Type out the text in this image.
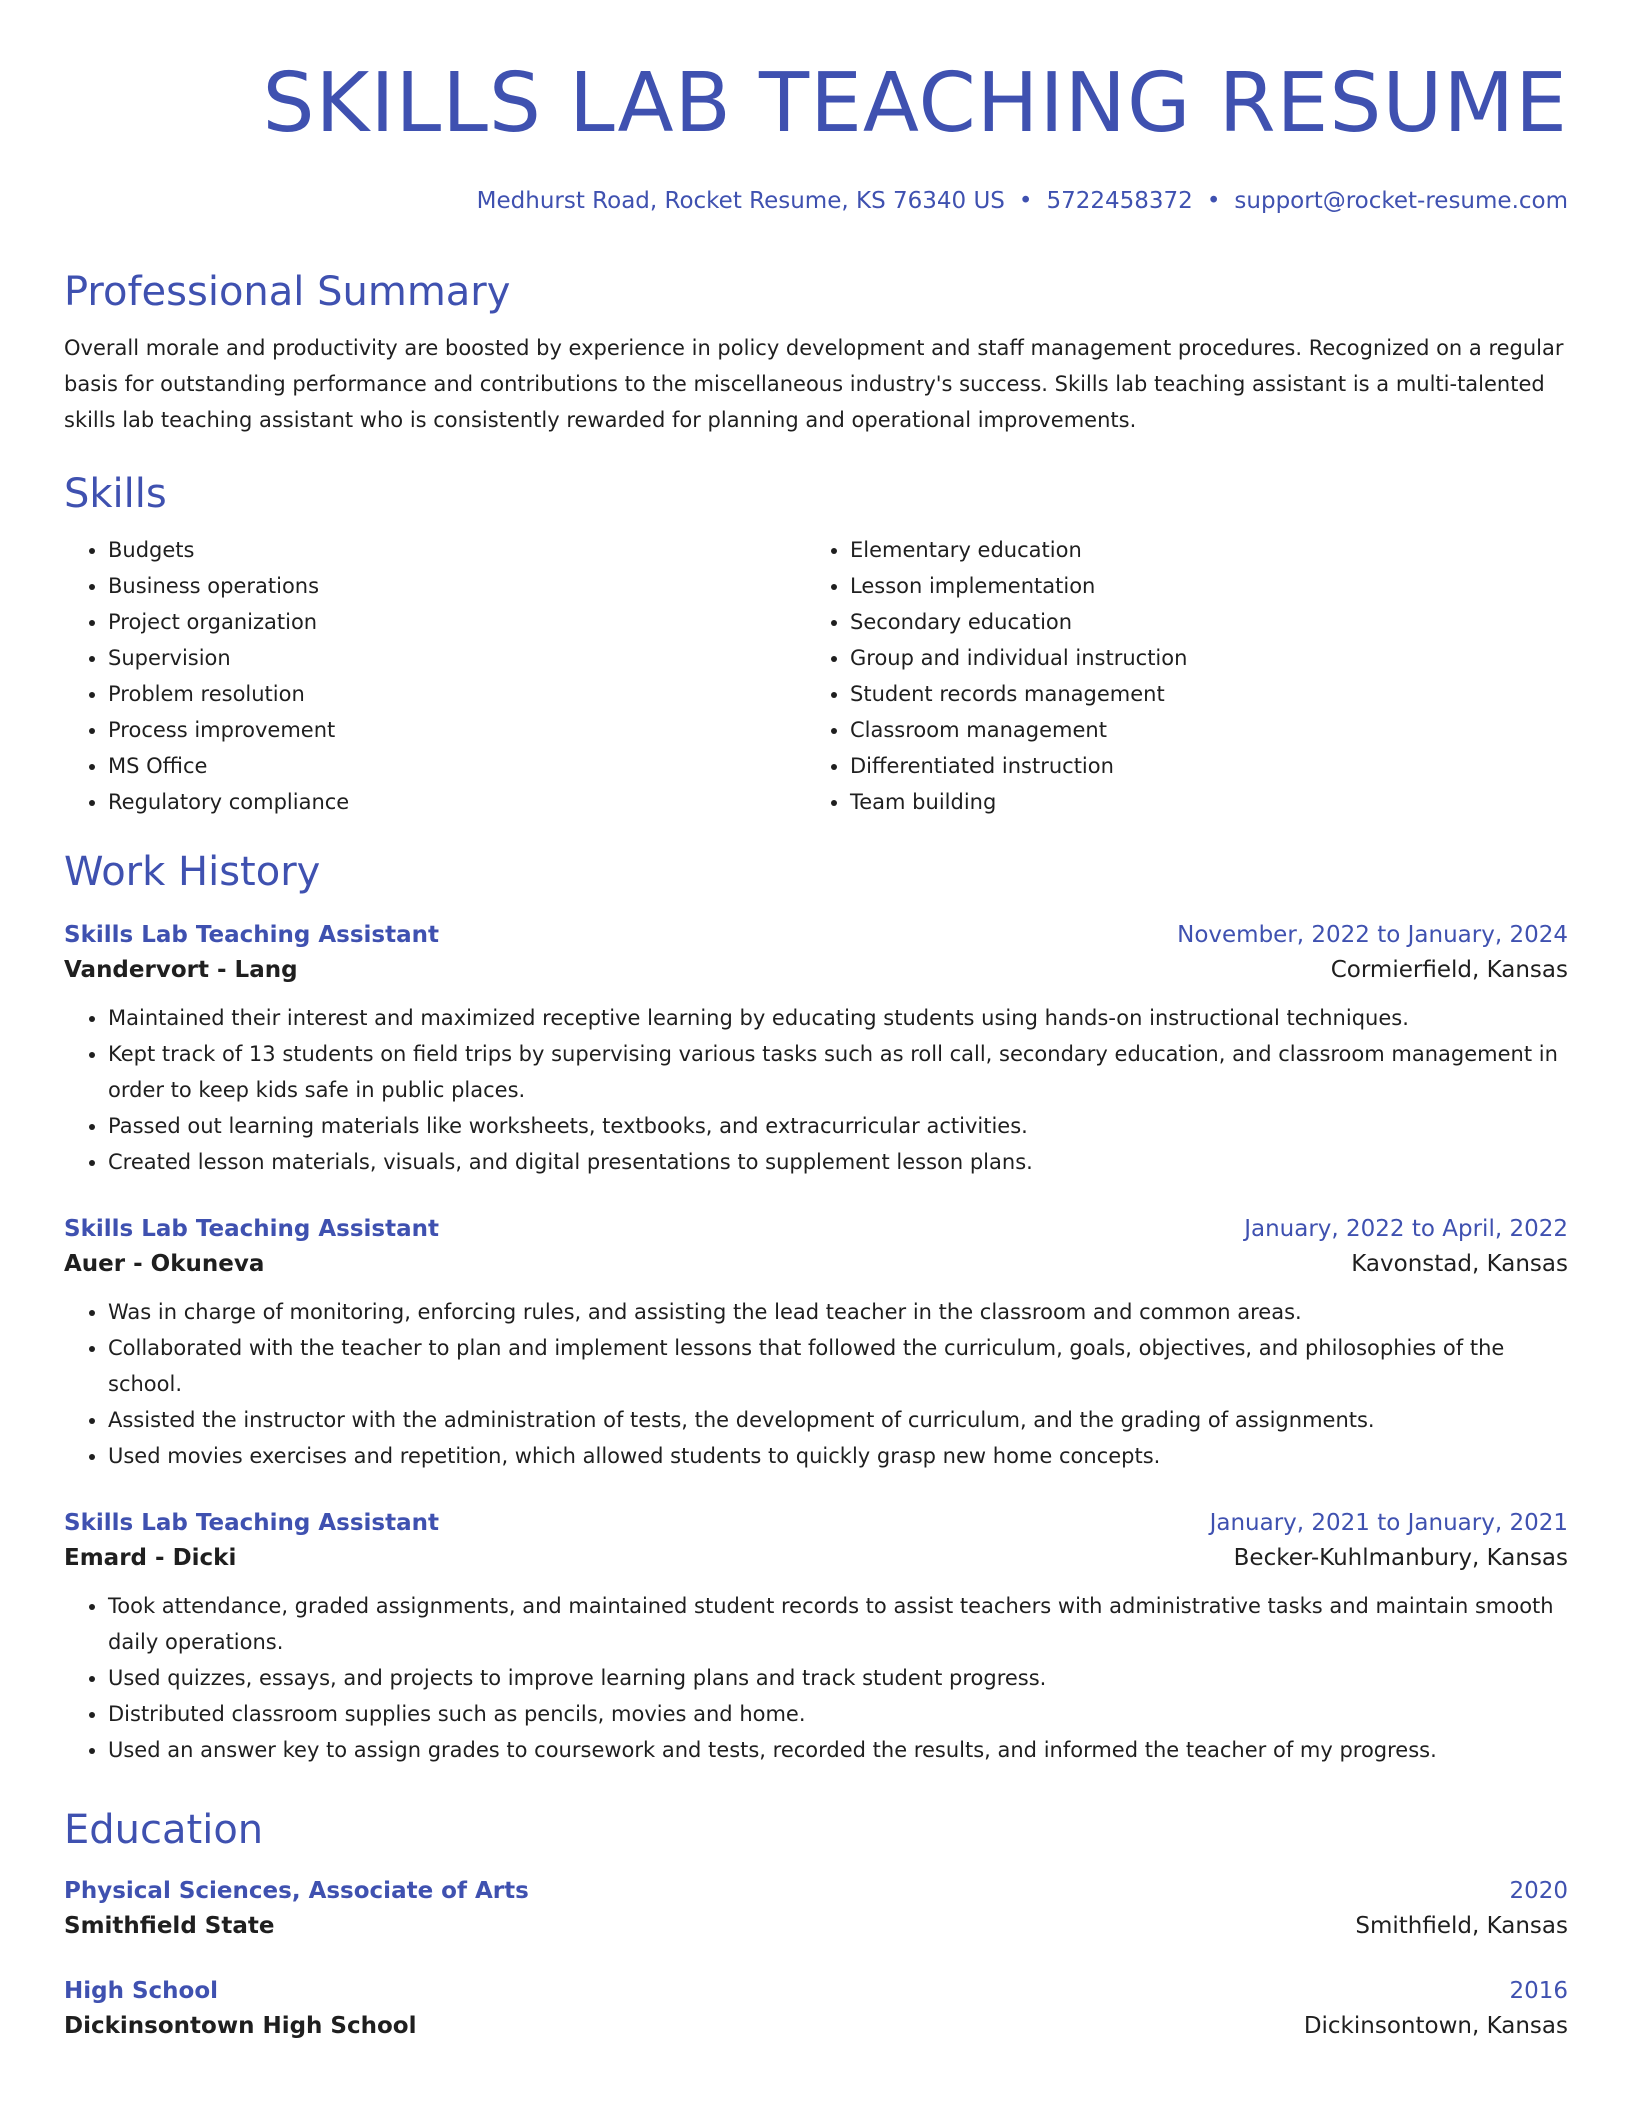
SKILLS LAB TEACHING RESUME
Medhurst Road, Rocket Resume, KS 76340 US • 5722458372 • support@rocket-resume.com
Professional Summary

Overall morale and productivity are boosted by experience in policy development and staff management procedures. Recognized on a regular basis for outstanding performance and contributions to the miscellaneous industry's success. Skills lab teaching assistant is a multi-talented skills lab teaching assistant who is consistently rewarded for planning and operational improvements.

Skills
• Budgets
• Business operations
• Project organization
• Supervision
• Problem resolution
• Process improvement
• MS Office
• Regulatory compliance
• Elementary education
• Lesson implementation
• Secondary education
• Group and individual instruction
• Student records management
• Classroom management
• Differentiated instruction
• Team building
Work History
Skills Lab Teaching Assistant	November, 2022 to January, 2024
Vandervort - Lang	Cormierfield, Kansas
• Maintained their interest and maximized receptive learning by educating students using hands-on instructional techniques.
• Kept track of 13 students on field trips by supervising various tasks such as roll call, secondary education, and classroom management in order to keep kids safe in public places.
• Passed out learning materials like worksheets, textbooks, and extracurricular activities.
• Created lesson materials, visuals, and digital presentations to supplement lesson plans.
Skills Lab Teaching Assistant	January, 2022 to April, 2022
Auer - Okuneva	Kavonstad, Kansas
• Was in charge of monitoring, enforcing rules, and assisting the lead teacher in the classroom and common areas.
• Collaborated with the teacher to plan and implement lessons that followed the curriculum, goals, objectives, and philosophies of the school.
• Assisted the instructor with the administration of tests, the development of curriculum, and the grading of assignments.
• Used movies exercises and repetition, which allowed students to quickly grasp new home concepts.
Skills Lab Teaching Assistant	January, 2021 to January, 2021
Emard - Dicki	Becker-Kuhlmanbury, Kansas
• Took attendance, graded assignments, and maintained student records to assist teachers with administrative tasks and maintain smooth daily operations.
• Used quizzes, essays, and projects to improve learning plans and track student progress.
• Distributed classroom supplies such as pencils, movies and home.
• Used an answer key to assign grades to coursework and tests, recorded the results, and informed the teacher of my progress.
Education
Physical Sciences, Associate of Arts	2020
Smithfield State	Smithfield, Kansas
High School	2016
Dickinsontown High School	Dickinsontown, Kansas
